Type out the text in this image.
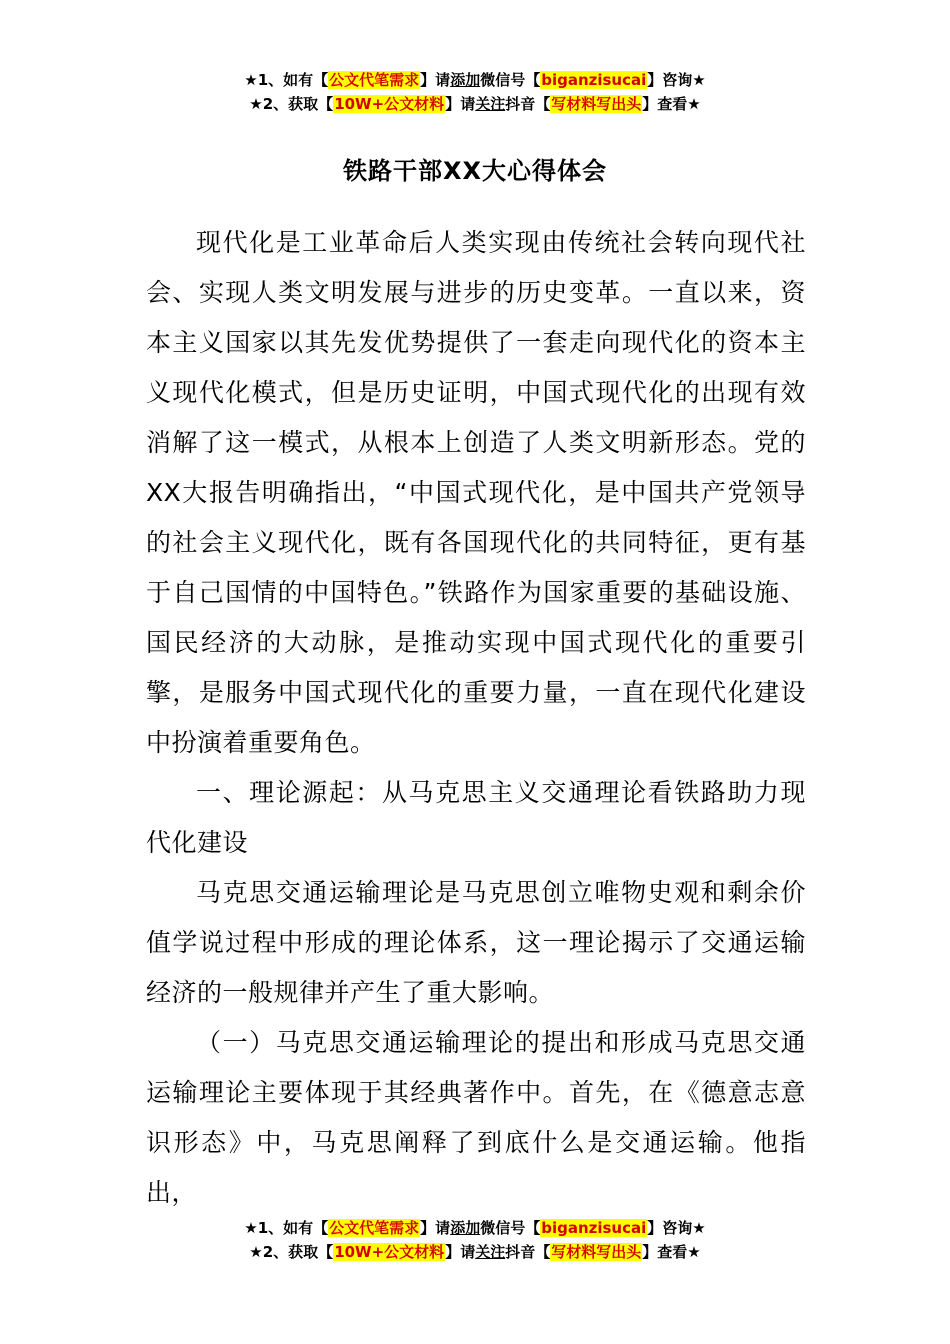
★1、如有【公文代笔需求】请添加微信号【biganzisucai】咨询★
★2、获取【10W+公文材料】请关注抖音【写材料写出头】查看★
铁路干部XX大心得体会

现代化是工业革命后人类实现由传统社会转向现代社会、实现人类文明发展与进步的历史变革。一直以来，资本主义国家以其先发优势提供了一套走向现代化的资本主义现代化模式，但是历史证明，中国式现代化的出现有效消解了这一模式，从根本上创造了人类文明新形态。党的XX大报告明确指出，“中国式现代化，是中国共产党领导的社会主义现代化，既有各国现代化的共同特征，更有基于自己国情的中国特色。”铁路作为国家重要的基础设施、国民经济的大动脉，是推动实现中国式现代化的重要引擎，是服务中国式现代化的重要力量，一直在现代化建设中扮演着重要角色。

一、理论源起：从马克思主义交通理论看铁路助力现代化建设

马克思交通运输理论是马克思创立唯物史观和剩余价值学说过程中形成的理论体系，这一理论揭示了交通运输经济的一般规律并产生了重大影响。

（一）马克思交通运输理论的提出和形成马克思交通运输理论主要体现于其经典著作中。首先，在《德意志意识形态》中，马克思阐释了到底什么是交通运输。他指出，

★1、如有【公文代笔需求】请添加微信号【biganzisucai】咨询★
★2、获取【10W+公文材料】请关注抖音【写材料写出头】查看★
